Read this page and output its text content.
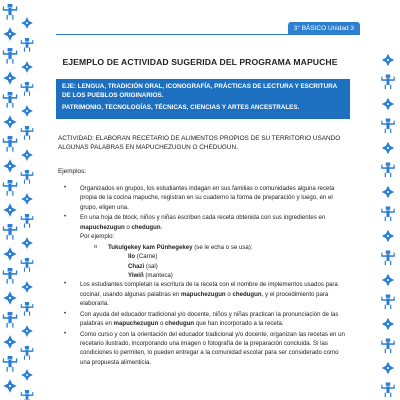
3° BÁSICO Unidad 3
EJEMPLO DE ACTIVIDAD SUGERIDA DEL PROGRAMA MAPUCHE

EJE: LENGUA, TRADICIÓN ORAL, ICONOGRAFÍA, PRÁCTICAS DE LECTURA Y ESCRITURA DE LOS PUEBLOS ORIGINARIOS.

PATRIMONIO, TECNOLOGÍAS, TÉCNICAS, CIENCIAS Y ARTES ANCESTRALES.

ACTIVIDAD: ELABORAN RECETARIO DE ALIMENTOS PROPIOS DE SU TERRITORIO USANDO ALGUNAS PALABRAS EN MAPUCHEZUGUN O CHEDUGUN.
Ejemplos:
• Organizados en grupos, los estudiantes indagan en sus familias o comunidades alguna receta propia de la cocina mapuche, registran en su cuaderno la forma de preparación y luego, en el grupo, eligen una.
• En una hoja de block, niños y niñas escriben cada receta obtenida con sus ingredientes en mapuchezugun o chedugun.
Por ejemplo:
o Tukulgekey kam Pünhegekey (se le echa o se usa):
Ilo (Carne)
Chazi (sal)
Yiwiñ (manteca)
• Los estudiantes completan la escritura de la receta con el nombre de implementos usados para cocinar, usando algunas palabras en mapuchezugun o chedugun, y el procedimiento para elaborarla.
• Con ayuda del educador tradicional y/o docente, niños y niñas practican la pronunciación de las palabras en mapuchezugun o chedugun que han incorporado a la receta.
• Como curso y con la orientación del educador tradicional y/o docente, organizan las recetas en un recetario ilustrado, incorporando una imagen o fotografía de la preparación concluida. Si las condiciones lo permiten, lo pueden entregar a la comunidad escolar para ser considerado como una propuesta alimenticia.
